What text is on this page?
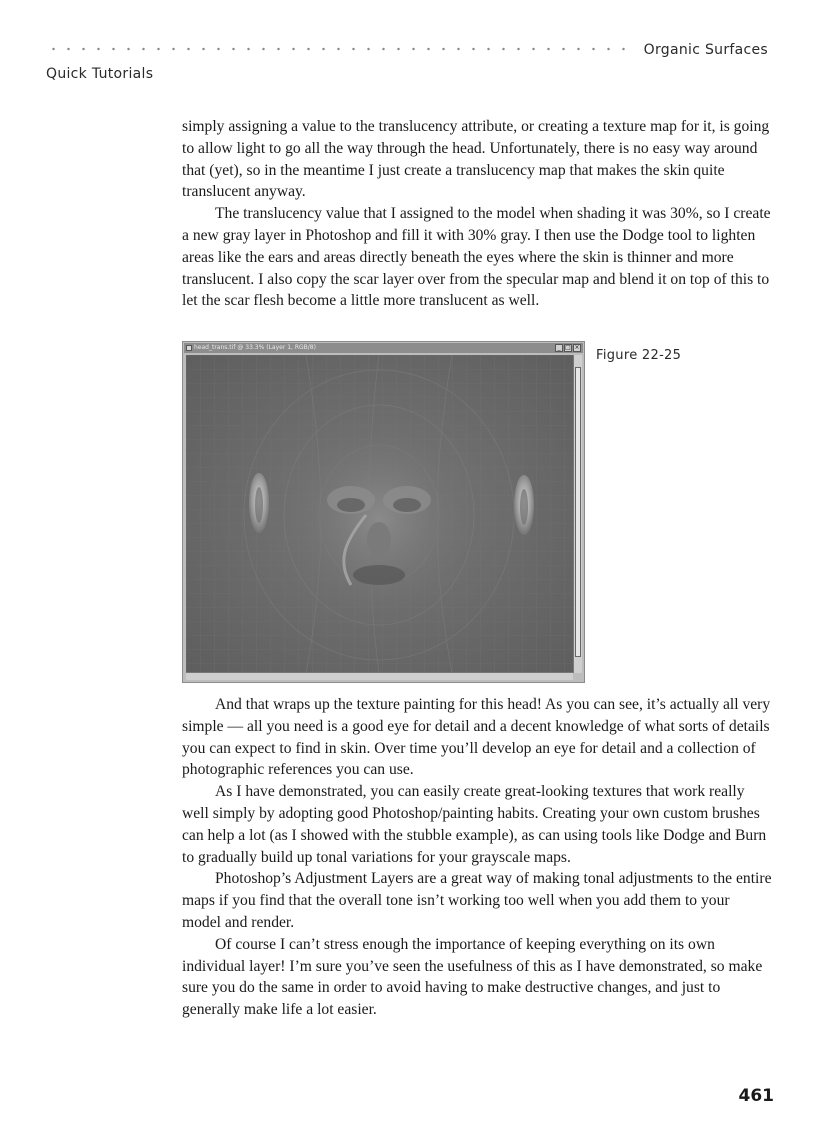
Organic Surfaces
Quick Tutorials

simply assigning a value to the translucency attribute, or creating a texture map for it, is going to allow light to go all the way through the head. Unfortunately, there is no easy way around that (yet), so in the meantime I just create a translucency map that makes the skin quite translucent anyway.

The translucency value that I assigned to the model when shading it was 30%, so I create a new gray layer in Photoshop and fill it with 30% gray. I then use the Dodge tool to lighten areas like the ears and areas directly beneath the eyes where the skin is thinner and more translucent. I also copy the scar layer over from the specular map and blend it on top of this to let the scar flesh become a little more translucent as well.

head_trans.tif @ 33.3% (Layer 1, RGB/8)	_ □ ×
Figure 22-25

And that wraps up the texture painting for this head! As you can see, it’s actually all very simple — all you need is a good eye for detail and a decent knowledge of what sorts of details you can expect to find in skin. Over time you’ll develop an eye for detail and a collection of photographic references you can use.

As I have demonstrated, you can easily create great-looking textures that work really well simply by adopting good Photoshop/painting habits. Creating your own custom brushes can help a lot (as I showed with the stubble example), as can using tools like Dodge and Burn to gradually build up tonal variations for your grayscale maps.

Photoshop’s Adjustment Layers are a great way of making tonal adjustments to the entire maps if you find that the overall tone isn’t working too well when you add them to your model and render.

Of course I can’t stress enough the importance of keeping everything on its own individual layer! I’m sure you’ve seen the usefulness of this as I have demonstrated, so make sure you do the same in order to avoid having to make destructive changes, and just to generally make life a lot easier.

461
